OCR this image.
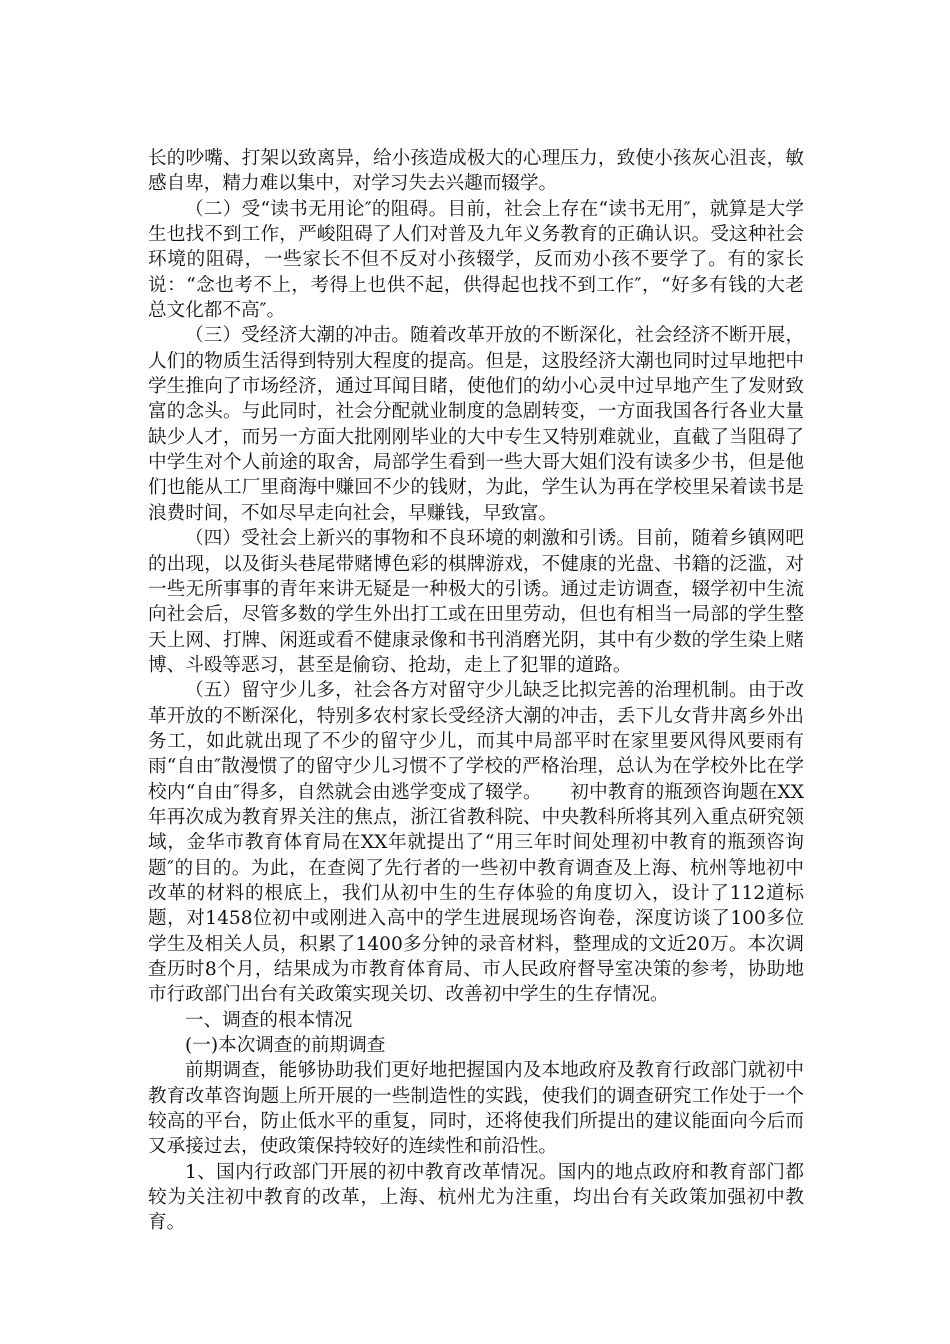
长的吵嘴、打架以致离异，给小孩造成极大的心理压力，致使小孩灰心沮丧，敏感自卑，精力难以集中，对学习失去兴趣而辍学。

（二）受“读书无用论″的阻碍。目前，社会上存在“读书无用″，就算是大学生也找不到工作，严峻阻碍了人们对普及九年义务教育的正确认识。受这种社会环境的阻碍，一些家长不但不反对小孩辍学，反而劝小孩不要学了。有的家长说：“念也考不上，考得上也供不起，供得起也找不到工作″，“好多有钱的大老总文化都不高″。

（三）受经济大潮的冲击。随着改革开放的不断深化，社会经济不断开展，人们的物质生活得到特别大程度的提高。但是，这股经济大潮也同时过早地把中学生推向了市场经济，通过耳闻目睹，使他们的幼小心灵中过早地产生了发财致富的念头。与此同时，社会分配就业制度的急剧转变，一方面我国各行各业大量缺少人才，而另一方面大批刚刚毕业的大中专生又特别难就业，直截了当阻碍了中学生对个人前途的取舍，局部学生看到一些大哥大姐们没有读多少书，但是他们也能从工厂里商海中赚回不少的钱财，为此，学生认为再在学校里呆着读书是浪费时间，不如尽早走向社会，早赚钱，早致富。

（四）受社会上新兴的事物和不良环境的刺激和引诱。目前，随着乡镇网吧的出现，以及街头巷尾带赌博色彩的棋牌游戏，不健康的光盘、书籍的泛滥，对一些无所事事的青年来讲无疑是一种极大的引诱。通过走访调查，辍学初中生流向社会后，尽管多数的学生外出打工或在田里劳动，但也有相当一局部的学生整天上网、打牌、闲逛或看不健康录像和书刊消磨光阴，其中有少数的学生染上赌博、斗殴等恶习，甚至是偷窃、抢劫，走上了犯罪的道路。

（五）留守少儿多，社会各方对留守少儿缺乏比拟完善的治理机制。由于改革开放的不断深化，特别多农村家长受经济大潮的冲击，丢下儿女背井离乡外出务工，如此就出现了不少的留守少儿，而其中局部平时在家里要风得风要雨有雨“自由″散漫惯了的留守少儿习惯不了学校的严格治理，总认为在学校外比在学校内“自由″得多，自然就会由逃学变成了辍学。　　初中教育的瓶颈咨询题在XX年再次成为教育界关注的焦点，浙江省教科院、中央教科所将其列入重点研究领域，金华市教育体育局在XX年就提出了“用三年时间处理初中教育的瓶颈咨询题″的目的。为此，在查阅了先行者的一些初中教育调查及上海、杭州等地初中改革的材料的根底上，我们从初中生的生存体验的角度切入，设计了112道标题，对1458位初中或刚进入高中的学生进展现场咨询卷，深度访谈了100多位学生及相关人员，积累了1400多分钟的录音材料，整理成的文近20万。本次调查历时8个月，结果成为市教育体育局、市人民政府督导室决策的参考，协助地市行政部门出台有关政策实现关切、改善初中学生的生存情况。

一、调查的根本情况

(一)本次调查的前期调查

前期调查，能够协助我们更好地把握国内及本地政府及教育行政部门就初中教育改革咨询题上所开展的一些制造性的实践，使我们的调查研究工作处于一个较高的平台，防止低水平的重复，同时，还将使我们所提出的建议能面向今后而又承接过去，使政策保持较好的连续性和前沿性。

1、国内行政部门开展的初中教育改革情况。国内的地点政府和教育部门都较为关注初中教育的改革，上海、杭州尤为注重，均出台有关政策加强初中教育。
